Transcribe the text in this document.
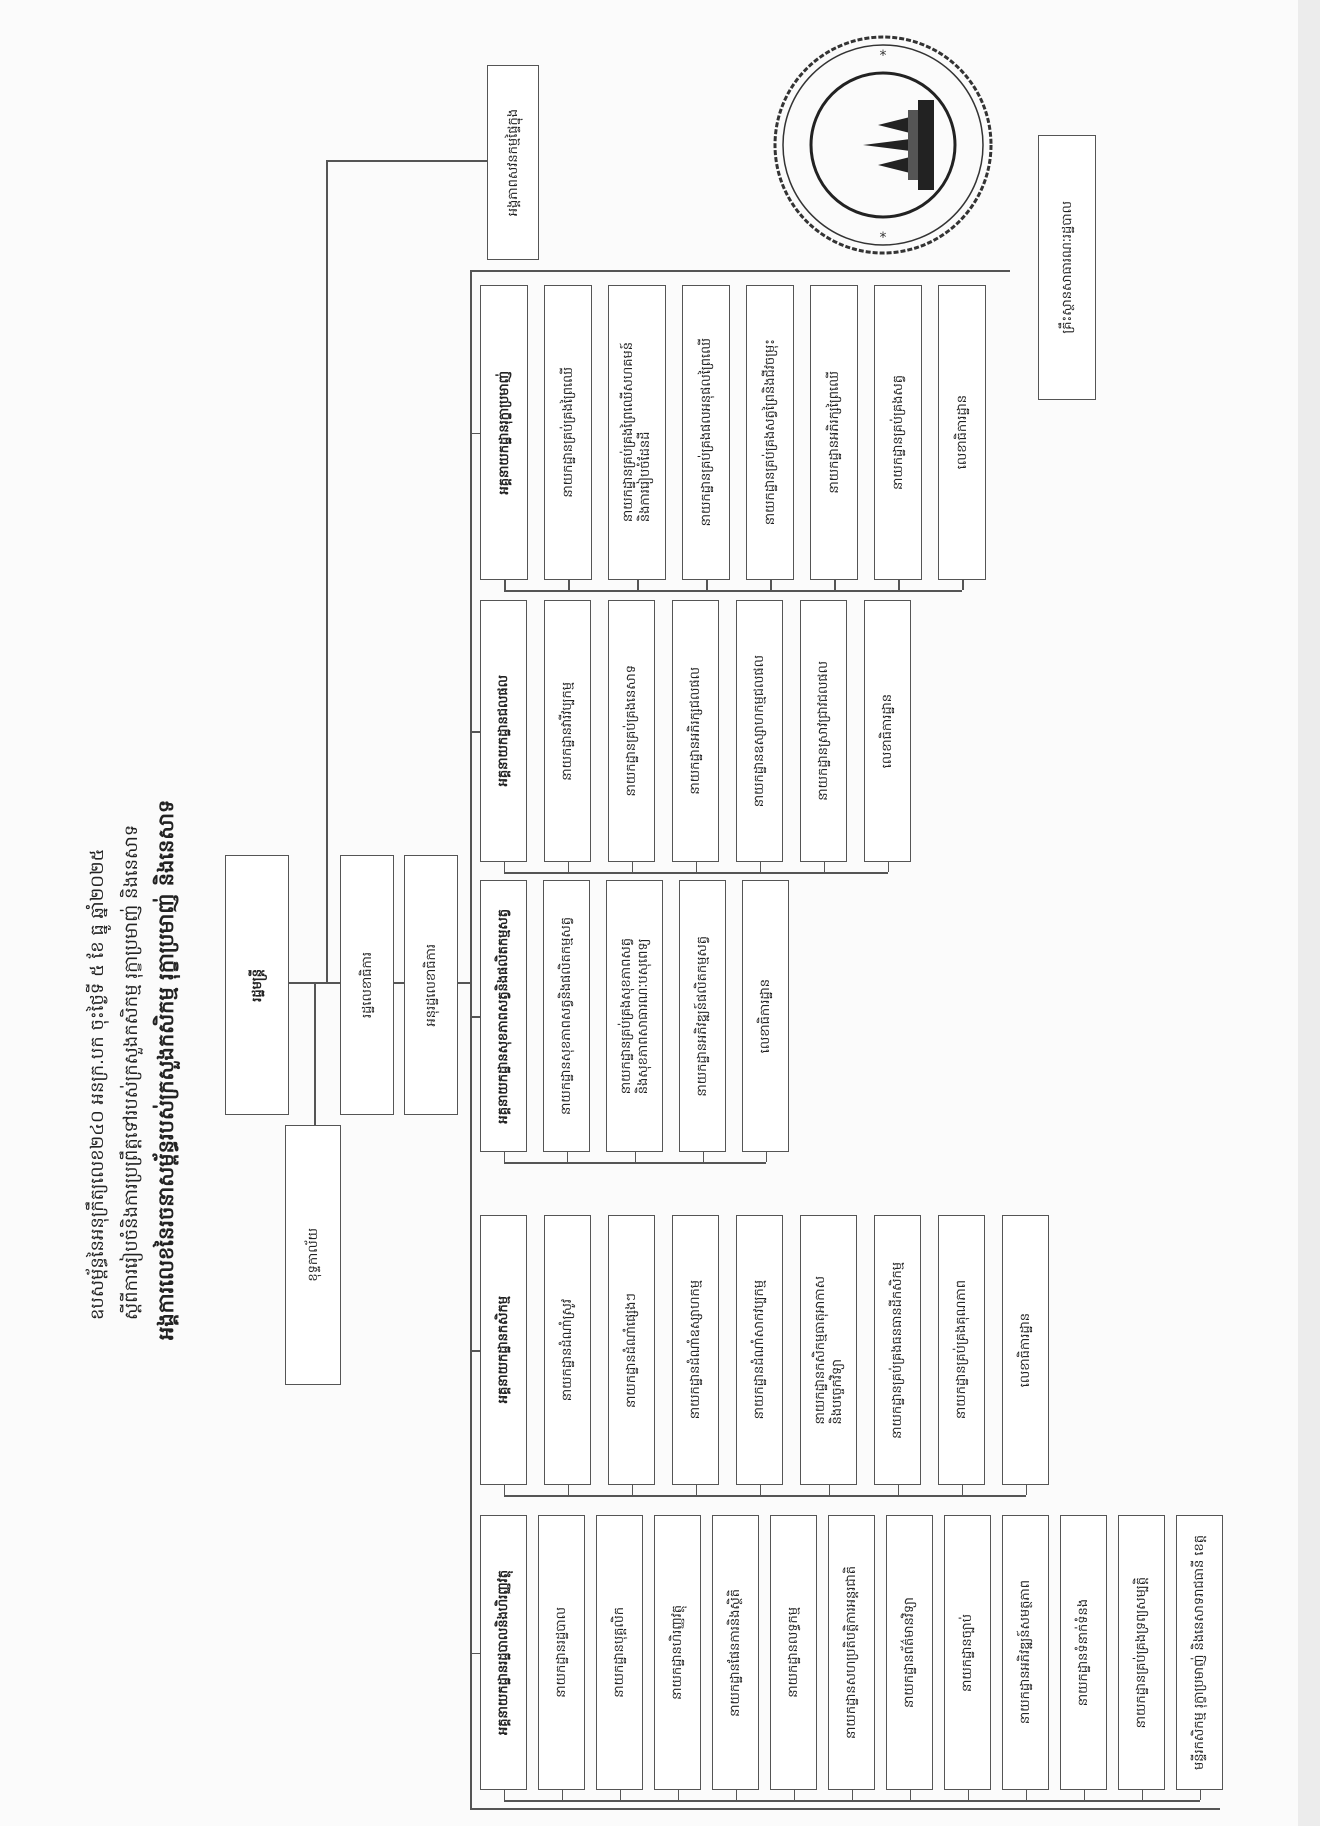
ឧបសម្ព័ន្ធនៃអនុក្រឹត្យលេខ២៤០ អនក្រ.បក ចុះថ្ងៃទី ៥ ខែ ធ្នូ ឆ្នាំ២០២៥ ស្ដីពីការរៀបចំនិងការប្រព្រឹត្តទៅរបស់ក្រសួងកសិកម្ម រុក្ខាប្រមាញ់ និងនេសាទ អង្គការលេខនៃរចនាសម្ព័ន្ធរបស់ក្រសួងកសិកម្ម រុក្ខាប្រមាញ់ និងនេសាទ	រដ្ឋមន្ត្រី	រដ្ឋលេខាធិការ	អនុរដ្ឋលេខាធិការ
ខុទ្ទកាល័យ
អង្គភាពសវនកម្មផ្ទៃក្នុង
គ្រឹះស្ថានសាធារណៈរដ្ឋបាល
អគ្គនាយកដ្ឋានរដ្ឋបាលនិងហិរញ្ញវត្ថុ	នាយកដ្ឋានរដ្ឋបាល	នាយកដ្ឋានបុគ្គលិក	នាយកដ្ឋានហិរញ្ញវត្ថុ	នាយកដ្ឋានផែនការនិងស្ថិតិ	នាយកដ្ឋានលទ្ធកម្ម	នាយកដ្ឋានសហប្រតិបត្តិការអន្តរជាតិ	នាយកដ្ឋានព័ត៌មានវិទ្យា	នាយកដ្ឋានច្បាប់	នាយកដ្ឋានអភិវឌ្ឍន៍សមត្ថភាព	នាយកដ្ឋានទំនាក់ទំនង	នាយកដ្ឋានគ្រប់គ្រងទ្រព្យសម្បត្តិ	មន្ទីរកសិកម្ម រុក្ខាប្រមាញ់ និងនេសាទរាជធានី ខេត្ត
អគ្គនាយកដ្ឋានកសិកម្ម	នាយកដ្ឋានដំណាំស្រូវ	នាយកដ្ឋានដំណាំផ្សេងៗ	នាយកដ្ឋានដំណាំឧស្សាហកម្ម	នាយកដ្ឋានដំណាំសាកវប្បកម្ម	នាយកដ្ឋានកសិកម្មធាតុអាកាស
និងបច្ចេកវិទ្យា	នាយកដ្ឋានគ្រប់គ្រងធនធានដីកសិកម្ម	នាយកដ្ឋានគ្រប់គ្រងគុណភាព	លេខាធិការដ្ឋាន
អគ្គនាយកដ្ឋានសុខភាពសត្វនិងផលិតកម្មសត្វ	នាយកដ្ឋានសុខភាពសត្វនិងផលិតកម្មសត្វ	នាយកដ្ឋានគ្រប់គ្រងសុខភាពសត្វ
និងសុខភាពសាធារណៈបសុពេទ្យ	នាយកដ្ឋានអភិវឌ្ឍន៍ផលិតកម្មសត្វ	លេខាធិការដ្ឋាន
អគ្គនាយកដ្ឋានជលផល	នាយកដ្ឋានវារីវប្បកម្ម	នាយកដ្ឋានគ្រប់គ្រងនេសាទ	នាយកដ្ឋានអភិរក្សជលផល	នាយកដ្ឋានឧស្សាហកម្មជលផល	នាយកដ្ឋានស្រាវជ្រាវជលផល	លេខាធិការដ្ឋាន
អគ្គនាយកដ្ឋានរុក្ខាប្រមាញ់	នាយកដ្ឋានគ្រប់គ្រងព្រៃឈើ	នាយកដ្ឋានគ្រប់គ្រងព្រៃឈើសហគមន៍
និងការរៀបចំដែនដី	នាយកដ្ឋានគ្រប់គ្រងផលអនុផលព្រៃឈើ	នាយកដ្ឋានគ្រប់គ្រងសត្វព្រៃនិងជីវចម្រុះ	នាយកដ្ឋានអភិរក្សព្រៃឈើ	នាយកដ្ឋានគ្រប់គ្រងសត្វ	លេខាធិការដ្ឋាន
*
*
